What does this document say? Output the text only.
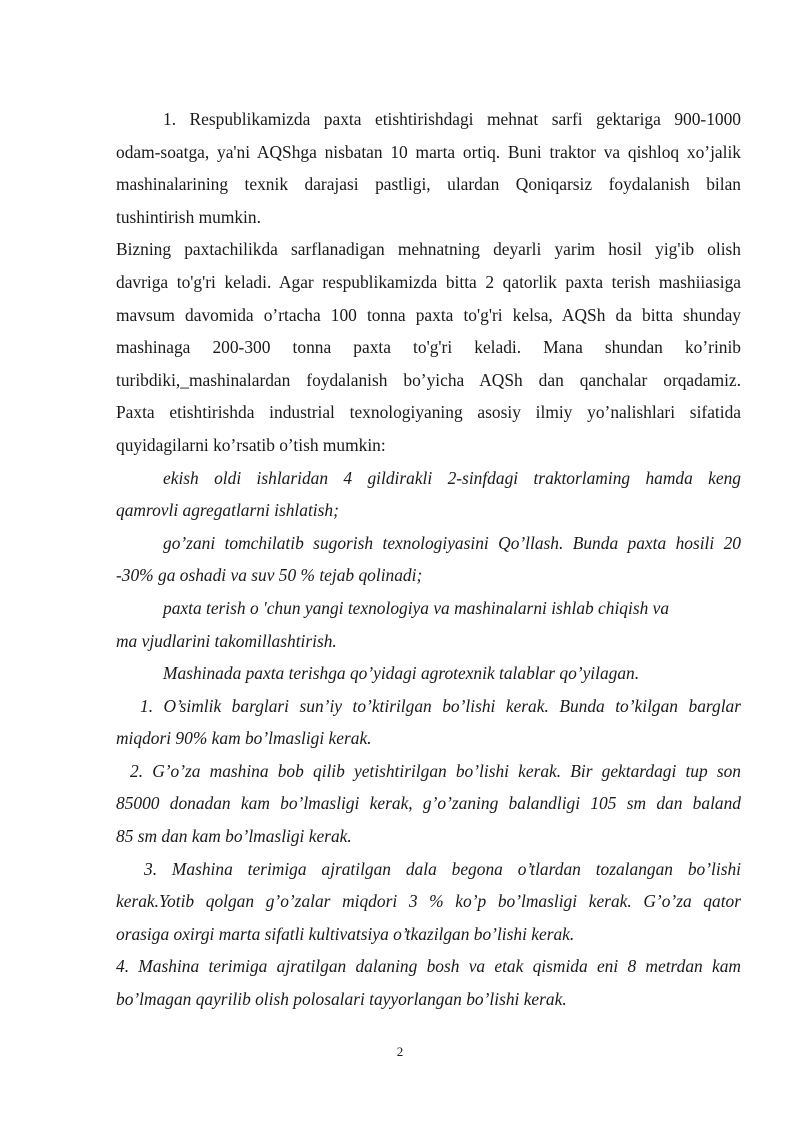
1. Respublikamizda paxta etishtirishdagi mehnat sarfi gektariga 900-1000
odam-soatga, ya'ni AQShga nisbatan 10 marta ortiq. Buni traktor va qishloq xo’jalik
mashinalarining texnik darajasi pastligi, ulardan Qoniqarsiz foydalanish bilan
tushintirish mumkin.
Bizning paxtachilikda sarflanadigan mehnatning deyarli yarim hosil yig'ib olish
davriga to'g'ri keladi. Agar respublikamizda bitta 2 qatorlik paxta terish mashiiasiga
mavsum davomida o’rtacha 100 tonna paxta to'g'ri kelsa, AQSh da bitta shunday
mashinaga 200-300 tonna paxta to'g'ri keladi. Mana shundan ko’rinib
turibdiki,_mashinalardan foydalanish bo’yicha AQSh dan qanchalar orqadamiz.
Paxta etishtirishda industrial texnologiyaning asosiy ilmiy yo’nalishlari sifatida
quyidagilarni ko’rsatib o’tish mumkin:
ekish oldi ishlaridan 4 gildirakli 2-sinfdagi traktorlaming hamda keng
qamrovli agregatlarni ishlatish;
go’zani tomchilatib sugorish texnologiyasini Qo’llash. Bunda paxta hosili 20
-30% ga oshadi va suv 50 % tejab qolinadi;
paxta terish o 'chun yangi texnologiya va mashinalarni ishlab chiqish va
ma vjudlarini takomillashtirish.
Mashinada paxta terishga qo’yidagi agrotexnik talablar qo’yilagan.
1. O’simlik barglari sun’iy to’ktirilgan bo’lishi kerak. Bunda to’kilgan barglar
miqdori 90% kam bo’lmasligi kerak.
2. G’o’za mashina bob qilib yetishtirilgan bo’lishi kerak. Bir gektardagi tup son
85000 donadan kam bo’lmasligi kerak, g’o’zaning balandligi 105 sm dan baland
85 sm dan kam bo’lmasligi kerak.
3. Mashina terimiga ajratilgan dala begona o’tlardan tozalangan bo’lishi
kerak.Yotib qolgan g’o’zalar miqdori 3 % ko’p bo’lmasligi kerak. G’o’za qator
orasiga oxirgi marta sifatli kultivatsiya o’tkazilgan bo’lishi kerak.
4. Mashina terimiga ajratilgan dalaning bosh va etak qismida eni 8 metrdan kam
bo’lmagan qayrilib olish polosalari tayyorlangan bo’lishi kerak.
2
